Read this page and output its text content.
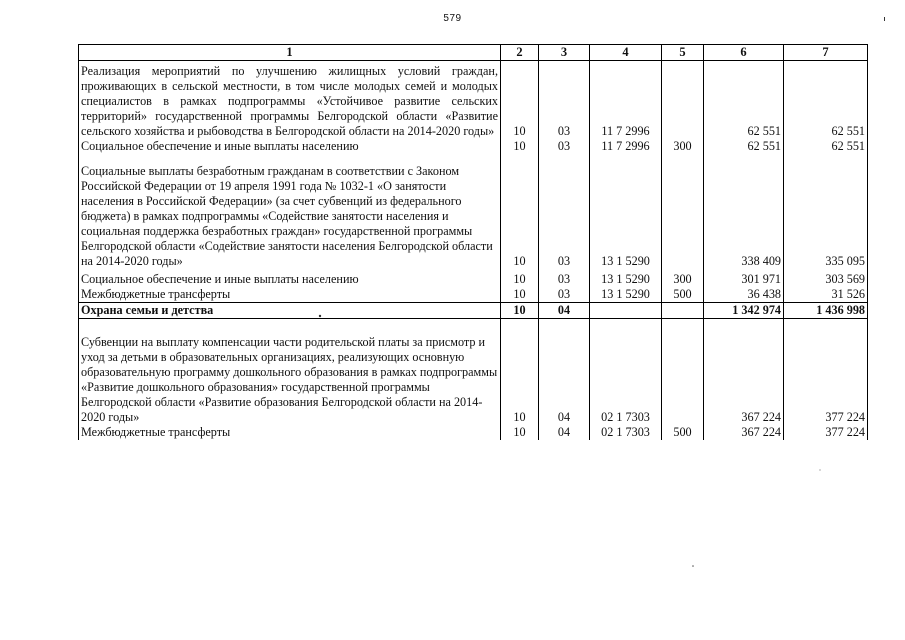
579
1	2	3	4	5	6	7
Реализация мероприятий по улучшению жилищных условий граждан, проживающих в сельской местности, в том числе молодых семей и молодых специалистов в рамках подпрограммы «Устойчивое развитие сельских территорий» государственной программы Белгородской области «Развитие сельского хозяйства и рыбоводства в Белгородской области на 2014-2020 годы»	10	03	11 7 2996		62 551	62 551
Социальное обеспечение и иные выплаты населению	10	03	11 7 2996	300	62 551	62 551
Социальные выплаты безработным гражданам в соответствии с Законом Российской Федерации от 19 апреля 1991 года № 1032-1 «О занятости населения в Российской Федерации» (за счет субвенций из федерального бюджета) в рамках подпрограммы «Содействие занятости населения и социальная поддержка безработных граждан» государственной программы Белгородской области «Содействие занятости населения Белгородской области на 2014-2020 годы»	10	03	13 1 5290		338 409	335 095
Социальное обеспечение и иные выплаты населению	10	03	13 1 5290	300	301 971	303 569
Межбюджетные трансферты	10	03	13 1 5290	500	36 438	31 526
Охрана семьи и детства	10	04			1 342 974	1 436 998
Субвенции на выплату компенсации части родительской платы за присмотр и уход за детьми в образовательных организациях, реализующих основную образовательную программу дошкольного образования в рамках подпрограммы «Развитие дошкольного образования» государственной программы Белгородской области «Развитие образования Белгородской области на 2014-2020 годы»	10	04	02 1 7303		367 224	377 224
Межбюджетные трансферты	10	04	02 1 7303	500	367 224	377 224
